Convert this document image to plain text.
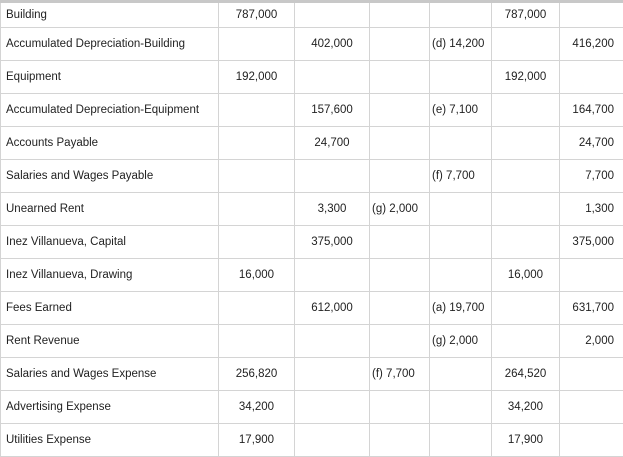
Building	787,000				787,000	
Accumulated Depreciation-Building		402,000		(d) 14,200		416,200
Equipment	192,000				192,000	
Accumulated Depreciation-Equipment		157,600		(e) 7,100		164,700
Accounts Payable		24,700				24,700
Salaries and Wages Payable				(f) 7,700		7,700
Unearned Rent		3,300	(g) 2,000			1,300
Inez Villanueva, Capital		375,000				375,000
Inez Villanueva, Drawing	16,000				16,000	
Fees Earned		612,000		(a) 19,700		631,700
Rent Revenue				(g) 2,000		2,000
Salaries and Wages Expense	256,820		(f) 7,700		264,520	
Advertising Expense	34,200				34,200	
Utilities Expense	17,900				17,900	
